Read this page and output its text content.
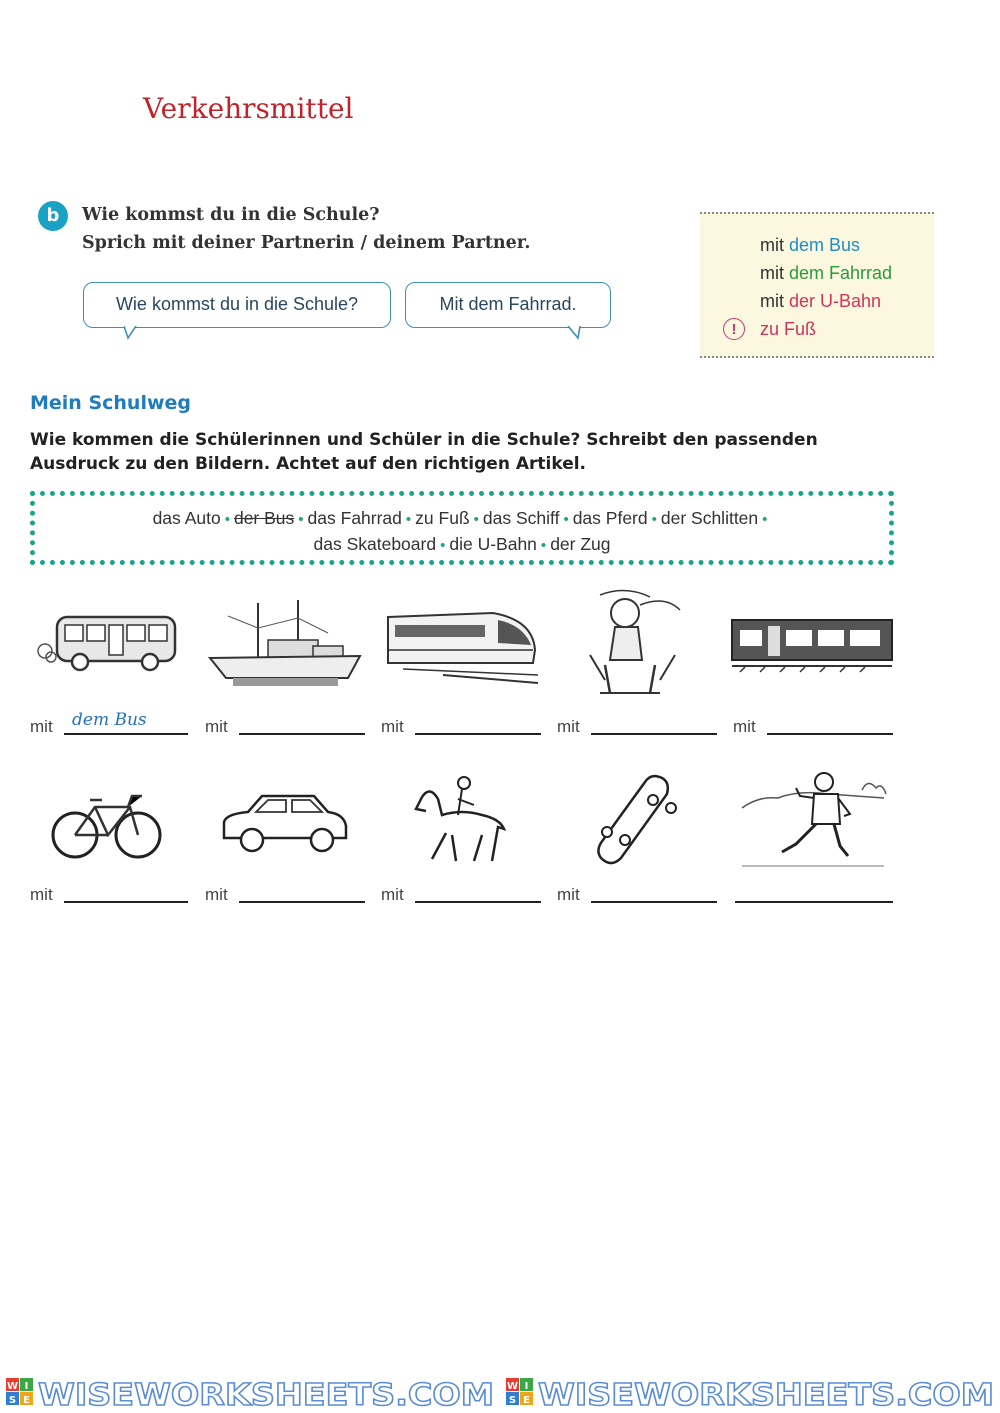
Verkehrsmittel
b	Wie kommst du in die Schule?
Sprich mit deiner Partnerin / deinem Partner.
Wie kommst du in die Schule?	Mit dem Fahrrad.
mit dem Bus
mit dem Fahrrad
mit der U-Bahn
!	zu Fuß
Mein Schulweg
Wie kommen die Schülerinnen und Schüler in die Schule? Schreibt den passenden
Ausdruck zu den Bildern. Achtet auf den richtigen Artikel.
das Auto • der Bus • das Fahrrad • zu Fuß • das Schiff • das Pferd • der Schlitten •
das Skateboard • die U-Bahn • der Zug
mit dem Bus	mit	mit	mit	mit
mit	mit	mit	mit
W I
S E WISEWORKSHEETS.COM W I
S E WISEWORKSHEETS.COM
